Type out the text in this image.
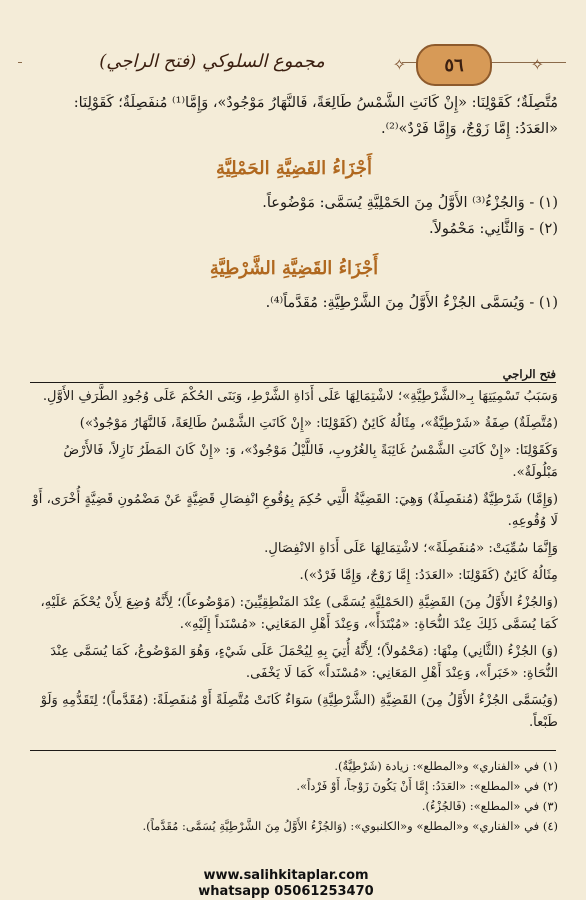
مجموع السلوكي (فتح الراجي)	✧	٥٦	✧

مُتَّصِلَةٌ؛ كَقَوْلِنَا: «إِنْ كَانَتِ الشَّمْسُ طَالِعَةً، فَالنَّهَارُ مَوْجُودٌ»، وَإِمَّا⁽¹⁾ مُنفَصِلَةٌ؛ كَقَوْلِنَا:

«العَدَدُ: إِمَّا زَوْجٌ، وَإِمَّا فَرْدٌ»⁽²⁾.

أَجْزَاءُ القَضِيَّةِ الحَمْلِيَّةِ

(١) - وَالجُزْءُ⁽³⁾ الأَوَّلُ مِنَ الحَمْلِيَّةِ يُسَمَّى: مَوْضُوعاً.

(٢) - وَالثَّانِي: مَحْمُولاً.

أَجْزَاءُ القَضِيَّةِ الشَّرْطِيَّةِ

(١) - وَيُسَمَّى الجُزْءُ الأَوَّلُ مِنَ الشَّرْطِيَّةِ: مُقَدَّماً⁽⁴⁾.

فتح الراجي

وَسَبَبُ تَسْمِيَتِهَا بِـ«الشَّرْطِيَّةِ»؛ لاشْتِمَالِهَا عَلَى أَدَاةِ الشَّرْطِ، وَبَنَى الحُكْمَ عَلَى وُجُودِ الطَّرَفِ الأَوَّلِ.

(مُتَّصِلَةٌ) صِفَةُ «شَرْطِيَّةٌ»، مِثَالُهُ كَائِنٌ (كَقَوْلِنَا: «إِنْ كَانَتِ الشَّمْسُ طَالِعَةً، فَالنَّهَارُ مَوْجُودٌ»)

وَكَقَوْلِنَا: «إِنْ كَانَتِ الشَّمْسُ غَائِبَةً بِالغُرُوبِ، فَاللَّيْلُ مَوْجُودٌ»، وَ: «إِنْ كَانَ المَطَرُ نَازِلاً، فَالأَرْضُ مَبْلُولَةٌ».

(وَإِمَّا) شَرْطِيَّةٌ (مُنفَصِلَةٌ) وَهِيَ: القَضِيَّةُ الَّتِي حُكِمَ بِوُقُوعِ انْفِصَالِ قَضِيَّةٍ عَنْ مَضْمُونِ قَضِيَّةٍ أُخْرَى، أَوْ لَا وُقُوعِهِ.

وَإِنَّمَا سُمِّيَتْ: «مُنفَصِلَةً»؛ لاشْتِمَالِهَا عَلَى أَدَاةِ الانْفِصَالِ.

مِثَالُهُ كَائِنٌ (كَقَوْلِنَا: «العَدَدُ: إِمَّا زَوْجٌ، وَإِمَّا فَرْدٌ»).

(وَالجُزْءُ الأَوَّلُ مِنَ) القَضِيَّةِ (الحَمْلِيَّةِ يُسَمَّى) عِنْدَ المَنْطِقِيِّينَ: (مَوْضُوعاً)؛ لِأَنَّهُ وُضِعَ لِأَنْ يُحْكَمَ عَلَيْهِ، كَمَا يُسَمَّى ذَلِكَ عِنْدَ النُّحَاةِ: «مُبْتَدَأً»، وَعِنْدَ أَهْلِ المَعَانِي: «مُسْنَداً إِلَيْهِ».

(وَ) الجُزْءُ (الثَّانِي) مِنْهَا: (مَحْمُولاً)؛ لِأَنَّهُ أُتِيَ بِهِ لِيُحْمَلَ عَلَى شَيْءٍ، وَهُوَ المَوْضُوعُ، كَمَا يُسَمَّى عِنْدَ النُّحَاةِ: «خَبَراً»، وَعِنْدَ أَهْلِ المَعَانِي: «مُسْنَداً» كَمَا لَا يَخْفَى.

(وَيُسَمَّى الجُزْءُ الأَوَّلُ مِنَ) القَضِيَّةِ (الشَّرْطِيَّةِ) سَوَاءٌ كَانَتْ مُتَّصِلَةً أَوْ مُنفَصِلَةً: (مُقَدَّماً)؛ لِتَقَدُّمِهِ وَلَوْ طَبْعاً.

(١) في «الفناري» و«المطلع»: زيادة (شَرْطِيَّةٌ).

(٢) في «المطلع»: «العَدَدُ: إِمَّا أَنْ يَكُونَ زَوْجاً، أَوْ فَرْداً».

(٣) في «المطلع»: (فَالجُزْءُ).

(٤) في «الفناري» و«المطلع» و«الكلنبوي»: (وَالجُزْءُ الأَوَّلُ مِنَ الشَّرْطِيَّةِ يُسَمَّى: مُقَدَّماً).

www.salihkitaplar.com
whatsapp 05061253470
